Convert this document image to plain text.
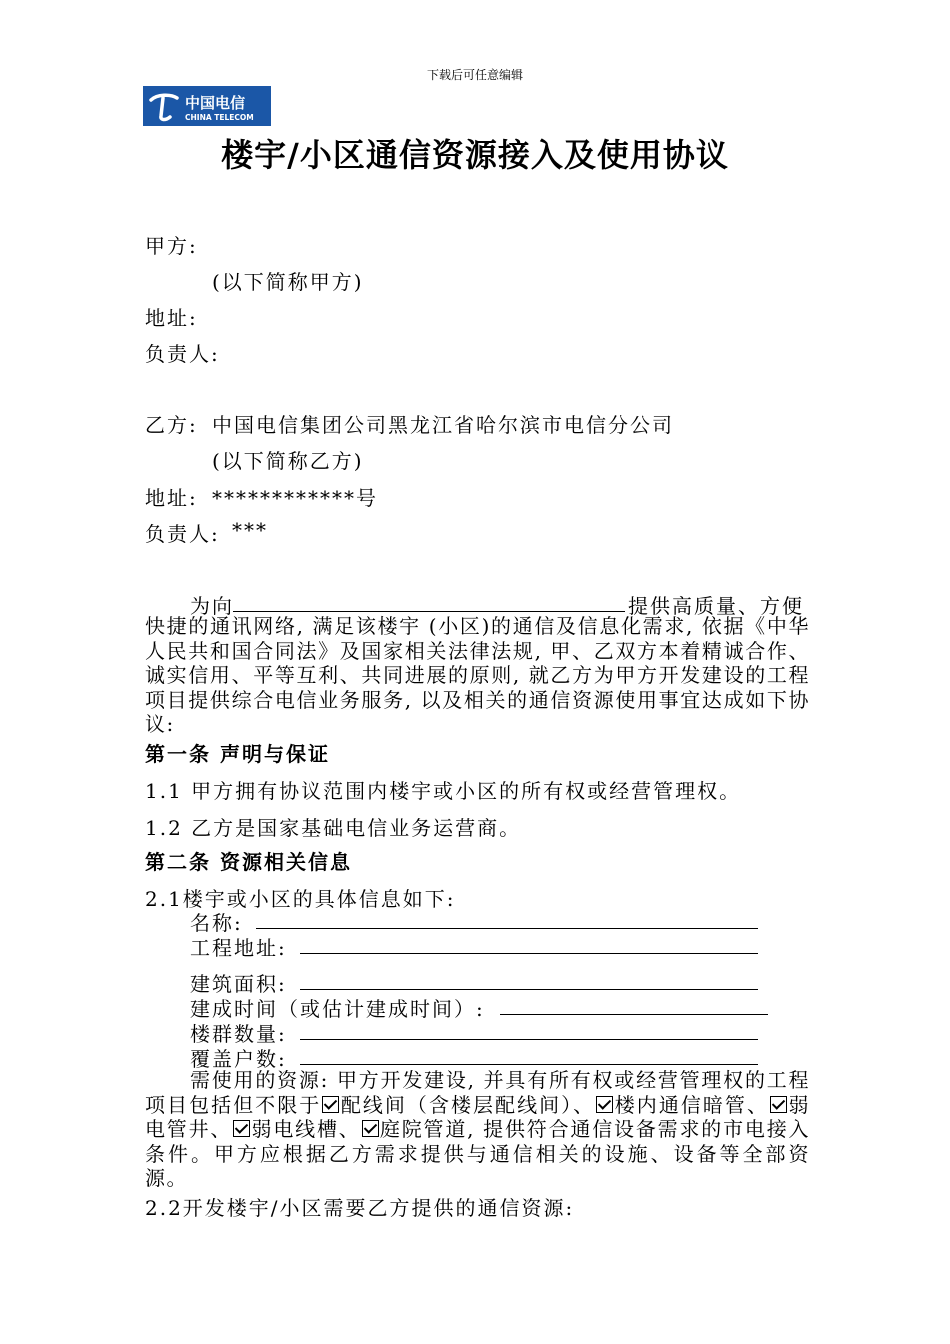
下载后可任意编辑
中国电信
CHINA TELECOM
楼宇/小区通信资源接入及使用协议
甲方:
(以下简称甲方)
地址:
负责人:
乙方: 中国电信集团公司黑龙江省哈尔滨市电信分公司
(以下简称乙方)
地址: ************号
负责人: ***
为向	提供高质量、方便
快捷的通讯网络, 满足该楼宇 (小区)的通信及信息化需求, 依据《中华人民共和国合同法》及国家相关法律法规, 甲、乙双方本着精诚合作、诚实信用、平等互利、共同进展的原则, 就乙方为甲方开发建设的工程项目提供综合电信业务服务, 以及相关的通信资源使用事宜达成如下协议:
第一条 声明与保证
1.1 甲方拥有协议范围内楼宇或小区的所有权或经营管理权。
1.2 乙方是国家基础电信业务运营商。
第二条 资源相关信息
2.1楼宇或小区的具体信息如下:
名称:
工程地址:
建筑面积:
建成时间（或估计建成时间）:
楼群数量:
覆盖户数:
需使用的资源: 甲方开发建设, 并具有所有权或经营管理权的工程项目包括但不限于 配线间（含楼层配线间）、 楼内通信暗管、 弱电管井、 弱电线槽、 庭院管道, 提供符合通信设备需求的市电接入条件。甲方应根据乙方需求提供与通信相关的设施、设备等全部资源。
2.2开发楼宇/小区需要乙方提供的通信资源:
